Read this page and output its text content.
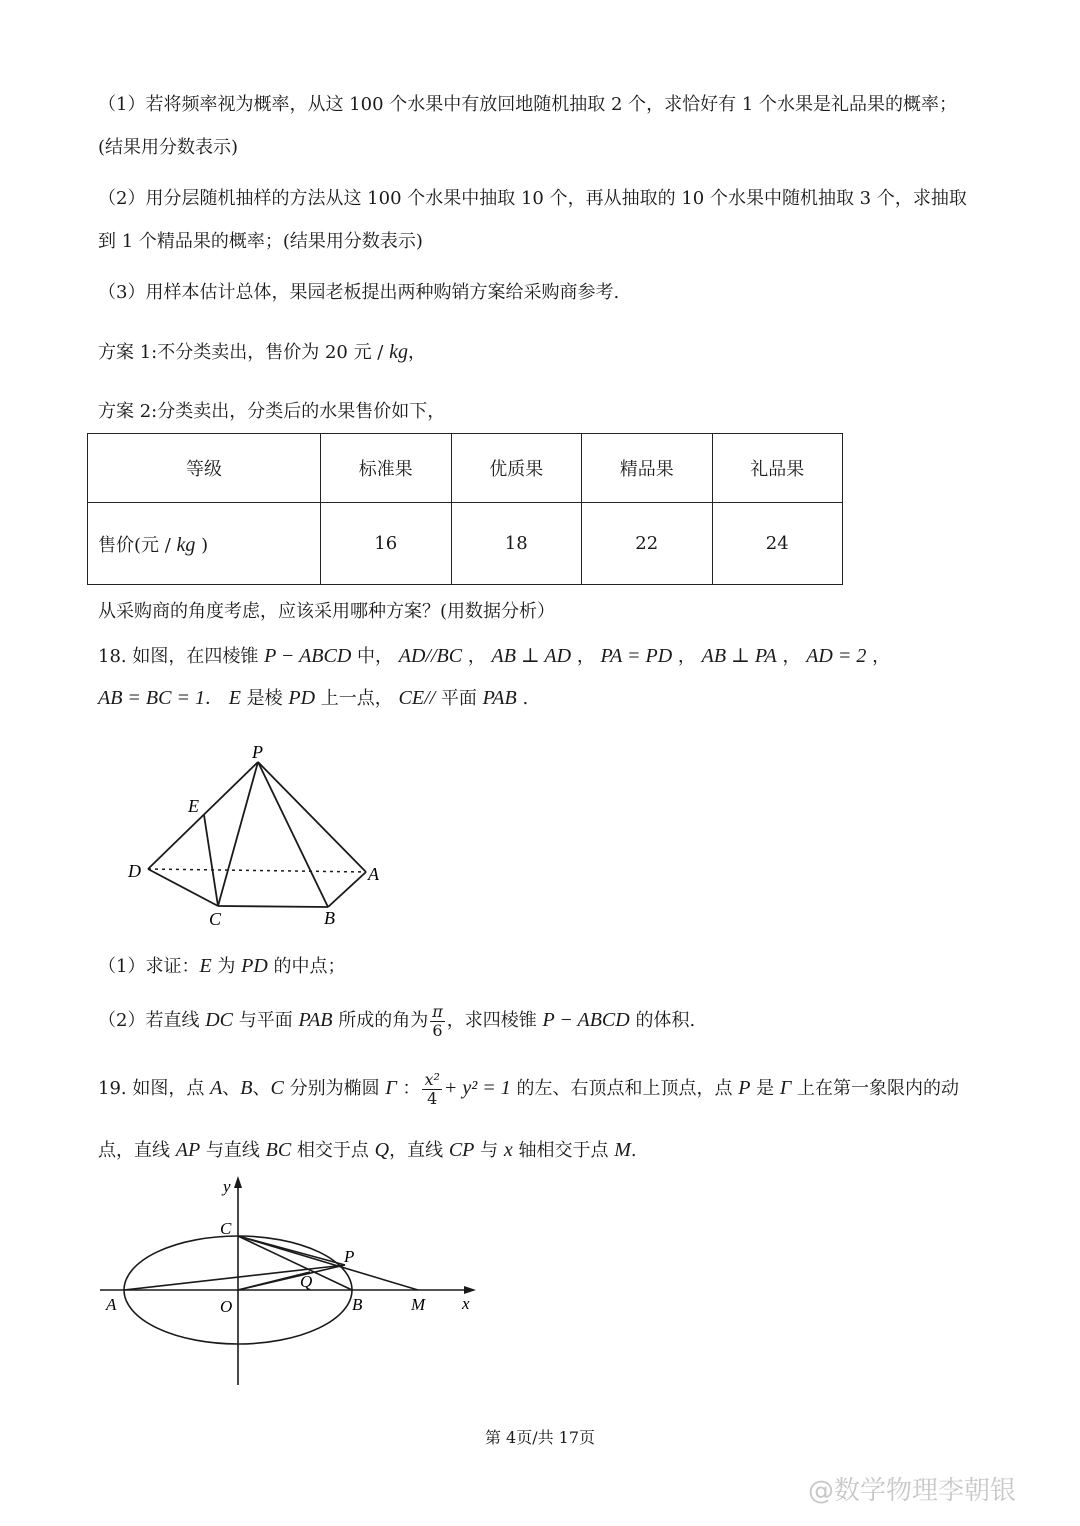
（1）若将频率视为概率，从这 100 个水果中有放回地随机抽取 2 个，求恰好有 1 个水果是礼品果的概率；
(结果用分数表示)
（2）用分层随机抽样的方法从这 100 个水果中抽取 10 个，再从抽取的 10 个水果中随机抽取 3 个，求抽取
到 1 个精品果的概率；(结果用分数表示)
（3）用样本估计总体，果园老板提出两种购销方案给采购商参考.
方案 1:不分类卖出，售价为 20 元 / kg，
方案 2:分类卖出，分类后的水果售价如下，
等级	标准果	优质果	精品果	礼品果
售价(元 / kg )	16	18	22	24
从采购商的角度考虑，应该采用哪种方案？(用数据分析）
18. 如图，在四棱锥 P − ABCD 中， AD//BC ， AB ⊥ AD ， PA = PD ， AB ⊥ PA ， AD = 2 ，
AB = BC = 1． E 是棱 PD 上一点， CE// 平面 PAB .
P
E
D	A
C	B
y
x
C
P
Q
A	O	B	M
（1）求证：E 为 PD 的中点；
（2）若直线 DC 与平面 PAB 所成的角为 $\frac{\pi}{6}$ ，求四棱锥 P − ABCD 的体积.
19. 如图，点 A、B、C 分别为椭圆 Γ ： $\frac{\text{x²}}{4} + y^2 = 1$ 的左、右顶点和上顶点，点 P 是 Γ 上在第一象限内的动
点，直线 AP 与直线 BC 相交于点 Q，直线 CP 与 x 轴相交于点 M.
第 4页/共 17页
@数学物理李朝银
